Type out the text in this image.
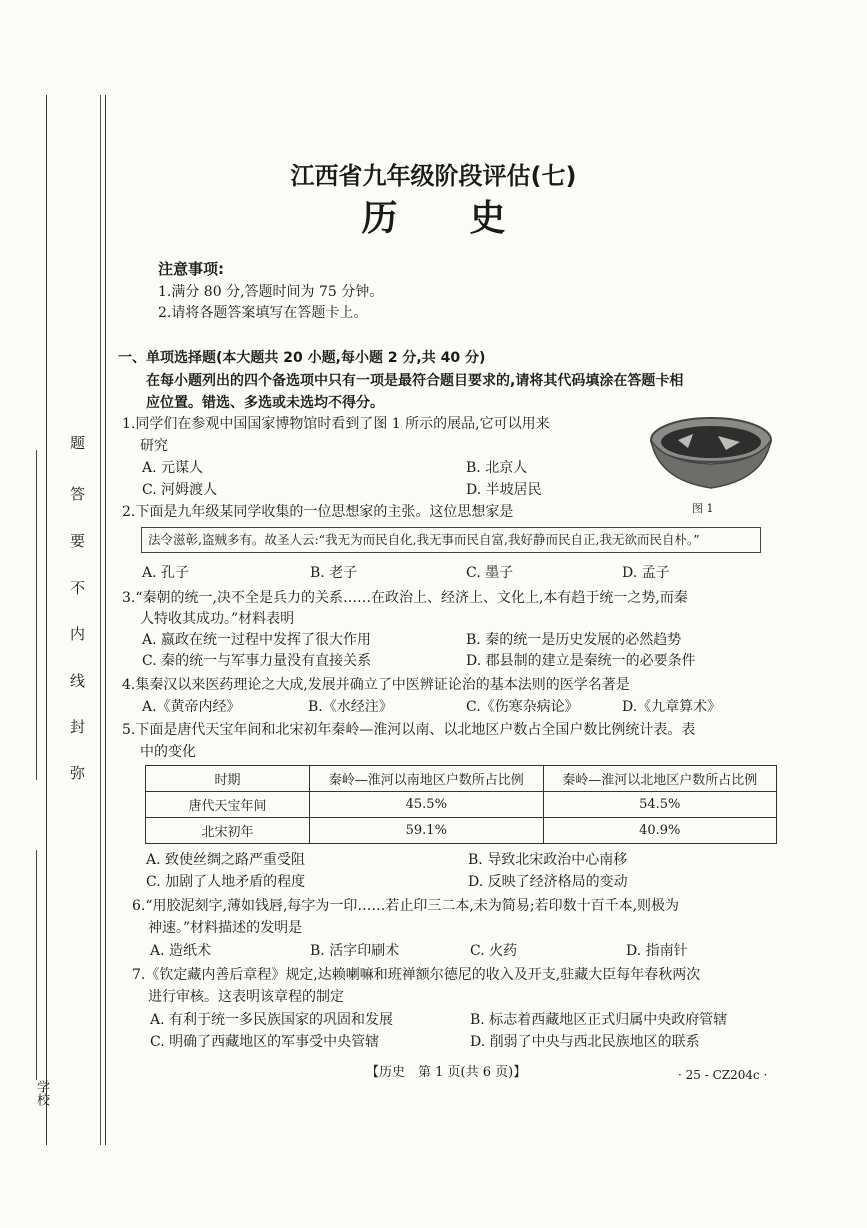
题
答
要
不
内
线
封
弥
学校
江西省九年级阶段评估(七)
历　　史
注意事项:
1.满分 80 分,答题时间为 75 分钟。
2.请将各题答案填写在答题卡上。
一、单项选择题(本大题共 20 小题,每小题 2 分,共 40 分)
在每小题列出的四个备选项中只有一项是最符合题目要求的,请将其代码填涂在答题卡相
应位置。错选、多选或未选均不得分。
1.同学们在参观中国国家博物馆时看到了图 1 所示的展品,它可以用来
研究
A. 元谋人	B. 北京人
C. 河姆渡人	D. 半坡居民
图 1
2.下面是九年级某同学收集的一位思想家的主张。这位思想家是
法令滋彰,盗贼多有。故圣人云:“我无为而民自化,我无事而民自富,我好静而民自正,我无欲而民自朴。”
A. 孔子	B. 老子	C. 墨子	D. 孟子
3.“秦朝的统一,决不全是兵力的关系……在政治上、经济上、文化上,本有趋于统一之势,而秦
人特收其成功。”材料表明
A. 嬴政在统一过程中发挥了很大作用	B. 秦的统一是历史发展的必然趋势
C. 秦的统一与军事力量没有直接关系	D. 郡县制的建立是秦统一的必要条件
4.集秦汉以来医药理论之大成,发展并确立了中医辨证论治的基本法则的医学名著是
A.《黄帝内经》	B.《水经注》	C.《伤寒杂病论》	D.《九章算术》
5.下面是唐代天宝年间和北宋初年秦岭—淮河以南、以北地区户数占全国户数比例统计表。表
中的变化
时期	秦岭—淮河以南地区户数所占比例	秦岭—淮河以北地区户数所占比例
唐代天宝年间	45.5%	54.5%
北宋初年	59.1%	40.9%
A. 致使丝绸之路严重受阻	B. 导致北宋政治中心南移
C. 加剧了人地矛盾的程度	D. 反映了经济格局的变动
6.“用胶泥刻字,薄如钱唇,每字为一印……若止印三二本,未为简易;若印数十百千本,则极为
神速。”材料描述的发明是
A. 造纸术	B. 活字印刷术	C. 火药	D. 指南针
7.《钦定藏内善后章程》规定,达赖喇嘛和班禅额尔德尼的收入及开支,驻藏大臣每年春秋两次
进行审核。这表明该章程的制定
A. 有利于统一多民族国家的巩固和发展	B. 标志着西藏地区正式归属中央政府管辖
C. 明确了西藏地区的军事受中央管辖	D. 削弱了中央与西北民族地区的联系
【历史　第 1 页(共 6 页)】	· 25 - CZ204c ·
